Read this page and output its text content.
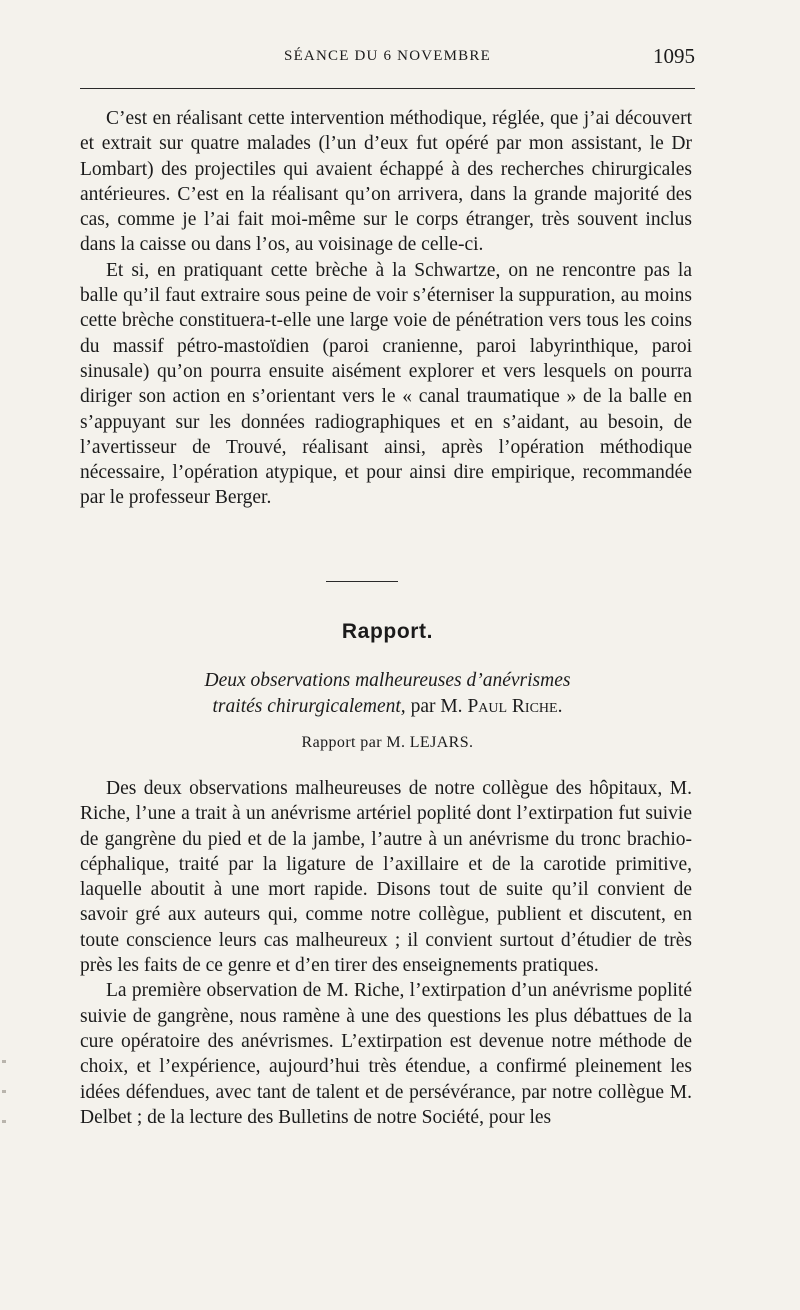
SÉANCE DU 6 NOVEMBRE	1095

C’est en réalisant cette intervention méthodique, réglée, que j’ai découvert et extrait sur quatre malades (l’un d’eux fut opéré par mon assistant, le Dr Lombart) des projectiles qui avaient échappé à des recherches chirurgicales antérieures. C’est en la réalisant qu’on arrivera, dans la grande majorité des cas, comme je l’ai fait moi-même sur le corps étranger, très souvent inclus dans la caisse ou dans l’os, au voisinage de celle-ci.

Et si, en pratiquant cette brèche à la Schwartze, on ne rencontre pas la balle qu’il faut extraire sous peine de voir s’éterniser la suppuration, au moins cette brèche constituera-t-elle une large voie de pénétration vers tous les coins du massif pétro-mastoïdien (paroi cranienne, paroi labyrinthique, paroi sinusale) qu’on pourra ensuite aisément explorer et vers lesquels on pourra diriger son action en s’orientant vers le « canal traumatique » de la balle en s’appuyant sur les données radiographiques et en s’aidant, au besoin, de l’avertisseur de Trouvé, réalisant ainsi, après l’opération méthodique nécessaire, l’opération atypique, et pour ainsi dire empirique, recommandée par le professeur Berger.

Rapport.
Deux observations malheureuses d’anévrismes
traités chirurgicalement, par M. Paul Riche.
Rapport par M. LEJARS.

Des deux observations malheureuses de notre collègue des hôpitaux, M. Riche, l’une a trait à un anévrisme artériel poplité dont l’extirpation fut suivie de gangrène du pied et de la jambe, l’autre à un anévrisme du tronc brachio-céphalique, traité par la ligature de l’axillaire et de la carotide primitive, laquelle aboutit à une mort rapide. Disons tout de suite qu’il convient de savoir gré aux auteurs qui, comme notre collègue, publient et discutent, en toute conscience leurs cas malheureux ; il convient surtout d’étudier de très près les faits de ce genre et d’en tirer des enseignements pratiques.

La première observation de M. Riche, l’extirpation d’un anévrisme poplité suivie de gangrène, nous ramène à une des questions les plus débattues de la cure opératoire des anévrismes. L’extirpation est devenue notre méthode de choix, et l’expérience, aujourd’hui très étendue, a confirmé pleinement les idées défendues, avec tant de talent et de persévérance, par notre collègue M. Delbet ; de la lecture des Bulletins de notre Société, pour les
